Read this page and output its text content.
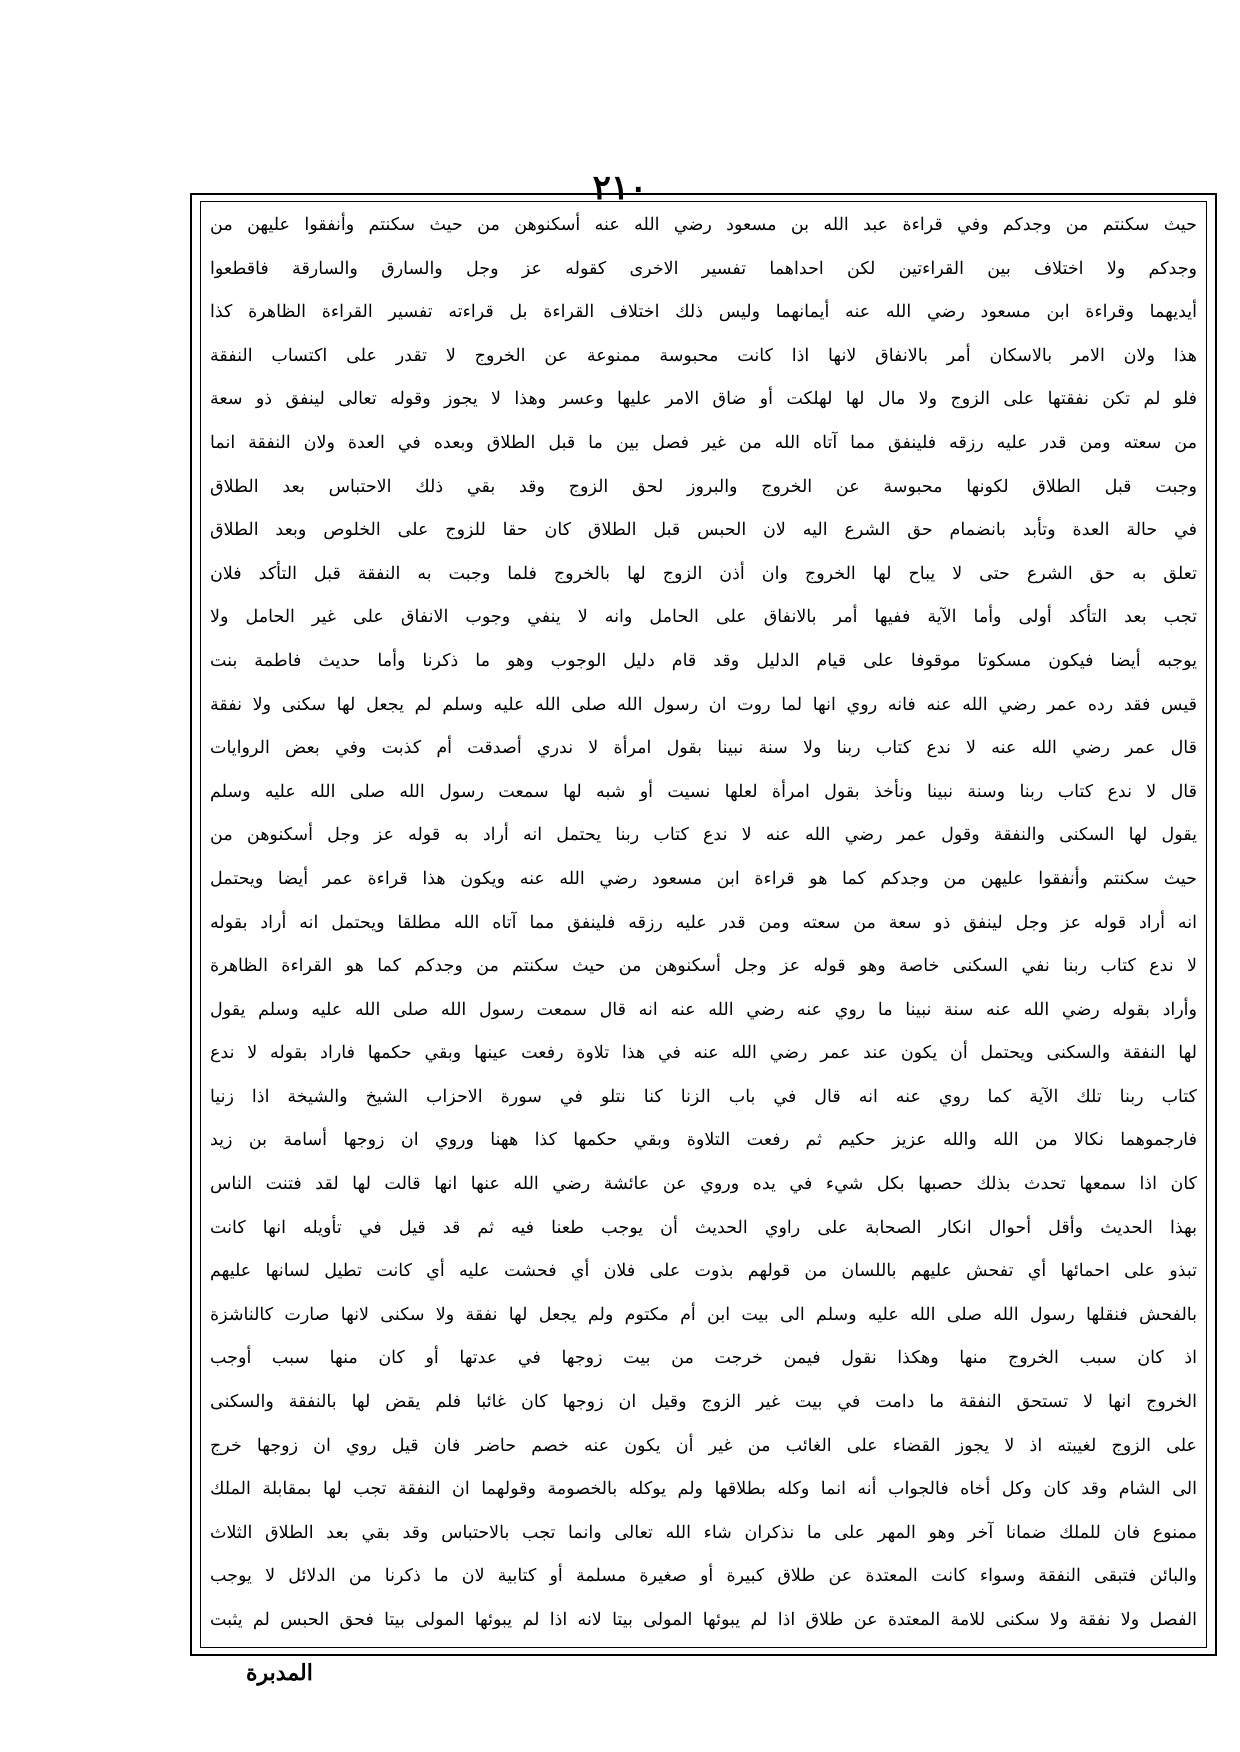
٢١٠
حيث سكنتم من وجدكم وفي قراءة عبد الله بن مسعود رضي الله عنه أسكنوهن من حيث سكنتم وأنفقوا عليهن من
وجدكم ولا اختلاف بين القراءتين لكن احداهما تفسير الاخرى كقوله عز وجل والسارق والسارقة فاقطعوا
أيديهما وقراءة ابن مسعود رضي الله عنه أيمانهما وليس ذلك اختلاف القراءة بل قراءته تفسير القراءة الظاهرة كذا
هذا ولان الامر بالاسكان أمر بالانفاق لانها اذا كانت محبوسة ممنوعة عن الخروج لا تقدر على اكتساب النفقة
فلو لم تكن نفقتها على الزوج ولا مال لها لهلكت أو ضاق الامر عليها وعسر وهذا لا يجوز وقوله تعالى لينفق ذو سعة
من سعته ومن قدر عليه رزقه فلينفق مما آتاه الله من غير فصل بين ما قبل الطلاق وبعده في العدة ولان النفقة انما
وجبت قبل الطلاق لكونها محبوسة عن الخروج والبروز لحق الزوج وقد بقي ذلك الاحتباس بعد الطلاق
في حالة العدة وتأبد بانضمام حق الشرع اليه لان الحبس قبل الطلاق كان حقا للزوج على الخلوص وبعد الطلاق
تعلق به حق الشرع حتى لا يباح لها الخروج وان أذن الزوج لها بالخروج فلما وجبت به النفقة قبل التأكد فلان
تجب بعد التأكد أولى وأما الآية ففيها أمر بالانفاق على الحامل وانه لا ينفي وجوب الانفاق على غير الحامل ولا
يوجبه أيضا فيكون مسكوتا موقوفا على قيام الدليل وقد قام دليل الوجوب وهو ما ذكرنا وأما حديث فاطمة بنت
قيس فقد رده عمر رضي الله عنه فانه روي انها لما روت ان رسول الله صلى الله عليه وسلم لم يجعل لها سكنى ولا نفقة
قال عمر رضي الله عنه لا ندع كتاب ربنا ولا سنة نبينا بقول امرأة لا ندري أصدقت أم كذبت وفي بعض الروايات
قال لا ندع كتاب ربنا وسنة نبينا ونأخذ بقول امرأة لعلها نسيت أو شبه لها سمعت رسول الله صلى الله عليه وسلم
يقول لها السكنى والنفقة وقول عمر رضي الله عنه لا ندع كتاب ربنا يحتمل انه أراد به قوله عز وجل أسكنوهن من
حيث سكنتم وأنفقوا عليهن من وجدكم كما هو قراءة ابن مسعود رضي الله عنه ويكون هذا قراءة عمر أيضا ويحتمل
انه أراد قوله عز وجل لينفق ذو سعة من سعته ومن قدر عليه رزقه فلينفق مما آتاه الله مطلقا ويحتمل انه أراد بقوله
لا ندع كتاب ربنا نفي السكنى خاصة وهو قوله عز وجل أسكنوهن من حيث سكنتم من وجدكم كما هو القراءة الظاهرة
وأراد بقوله رضي الله عنه سنة نبينا ما روي عنه رضي الله عنه انه قال سمعت رسول الله صلى الله عليه وسلم يقول
لها النفقة والسكنى ويحتمل أن يكون عند عمر رضي الله عنه في هذا تلاوة رفعت عينها وبقي حكمها فاراد بقوله لا ندع
كتاب ربنا تلك الآية كما روي عنه انه قال في باب الزنا كنا نتلو في سورة الاحزاب الشيخ والشيخة اذا زنيا
فارجموهما نكالا من الله والله عزيز حكيم ثم رفعت التلاوة وبقي حكمها كذا ههنا وروي ان زوجها أسامة بن زيد
كان اذا سمعها تحدث بذلك حصبها بكل شيء في يده وروي عن عائشة رضي الله عنها انها قالت لها لقد فتنت الناس
بهذا الحديث وأقل أحوال انكار الصحابة على راوي الحديث أن يوجب طعنا فيه ثم قد قيل في تأويله انها كانت
تبذو على احمائها أي تفحش عليهم باللسان من قولهم بذوت على فلان أي فحشت عليه أي كانت تطيل لسانها عليهم
بالفحش فنقلها رسول الله صلى الله عليه وسلم الى بيت ابن أم مكتوم ولم يجعل لها نفقة ولا سكنى لانها صارت كالناشزة
اذ كان سبب الخروج منها وهكذا نقول فيمن خرجت من بيت زوجها في عدتها أو كان منها سبب أوجب
الخروج انها لا تستحق النفقة ما دامت في بيت غير الزوج وقيل ان زوجها كان غائبا فلم يقض لها بالنفقة والسكنى
على الزوج لغيبته اذ لا يجوز القضاء على الغائب من غير أن يكون عنه خصم حاضر فان قيل روي ان زوجها خرج
الى الشام وقد كان وكل أخاه فالجواب أنه انما وكله بطلاقها ولم يوكله بالخصومة وقولهما ان النفقة تجب لها بمقابلة الملك
ممنوع فان للملك ضمانا آخر وهو المهر على ما نذكران شاء الله تعالى وانما تجب بالاحتباس وقد بقي بعد الطلاق الثلاث
والبائن فتبقى النفقة وسواء كانت المعتدة عن طلاق كبيرة أو صغيرة مسلمة أو كتابية لان ما ذكرنا من الدلائل لا يوجب
الفصل ولا نفقة ولا سكنى للامة المعتدة عن طلاق اذا لم يبوئها المولى بيتا لانه اذا لم يبوئها المولى بيتا فحق الحبس لم يثبت
المدبرة
